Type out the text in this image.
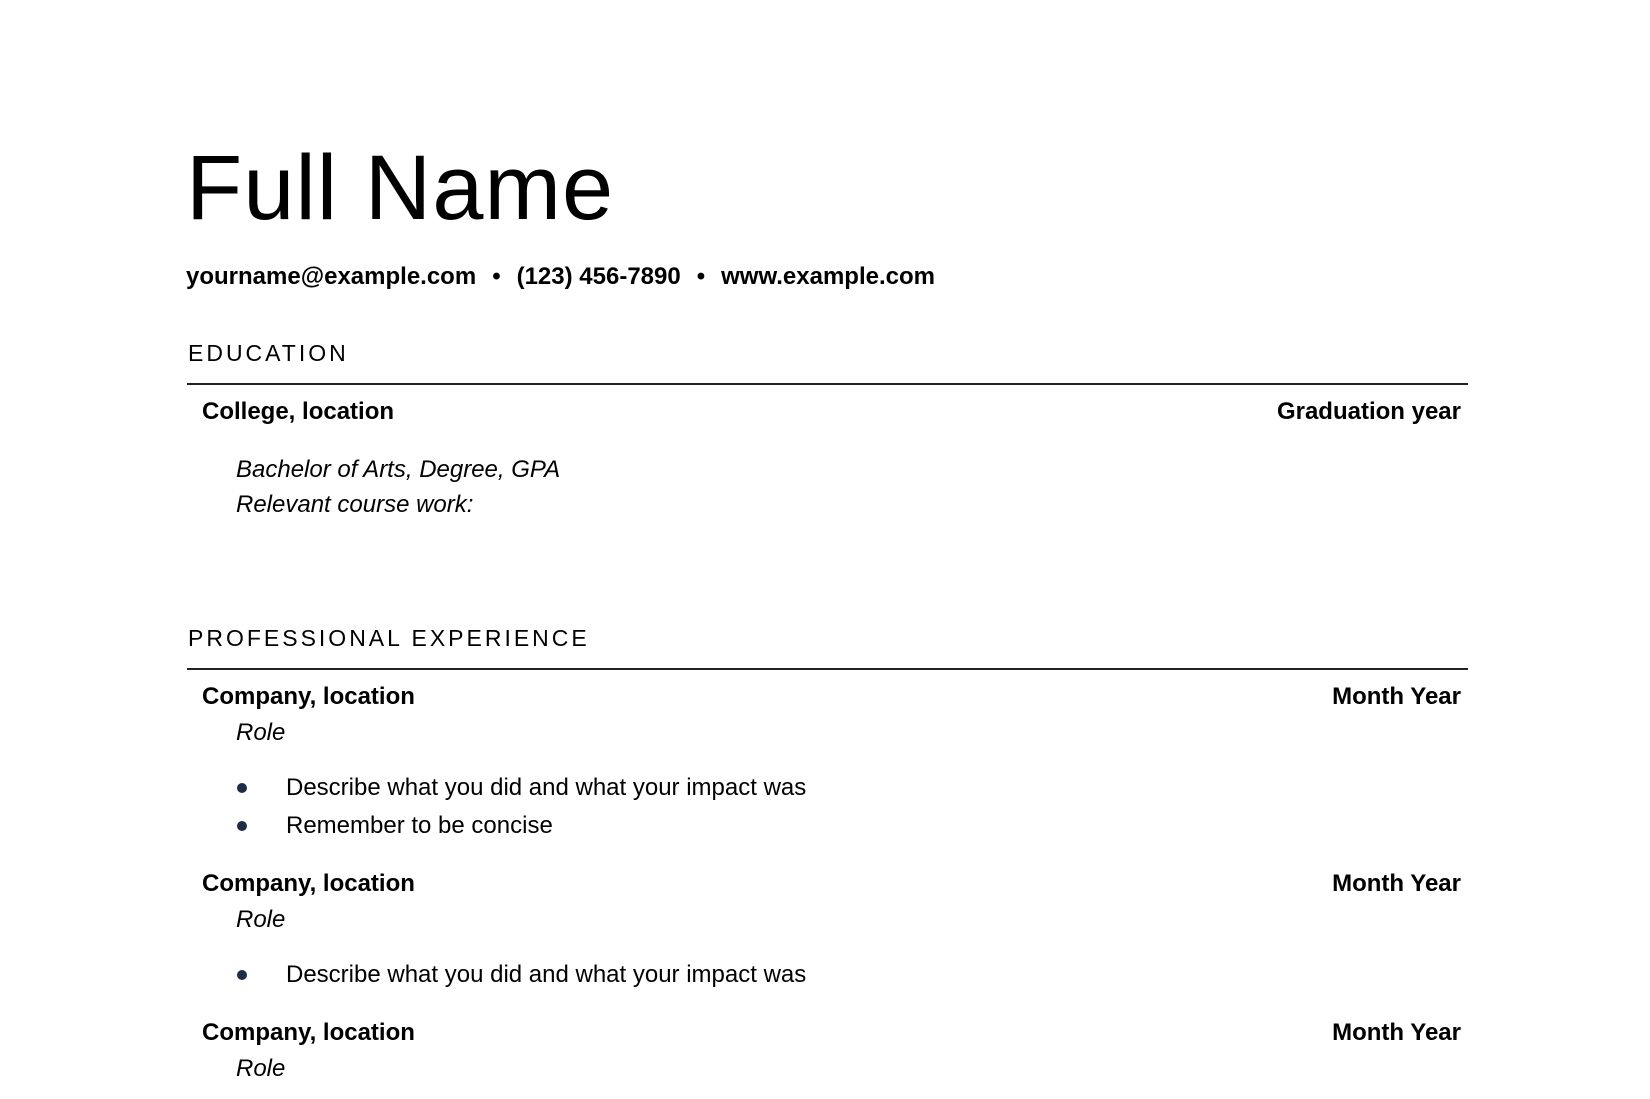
Full Name
yourname@example.com • (123) 456-7890 • www.example.com
EDUCATION
College, location	Graduation year
Bachelor of Arts, Degree, GPA
Relevant course work:
PROFESSIONAL EXPERIENCE
Company, location	Month Year
Role
Describe what you did and what your impact was
Remember to be concise
Company, location	Month Year
Role
Describe what you did and what your impact was
Company, location	Month Year
Role
